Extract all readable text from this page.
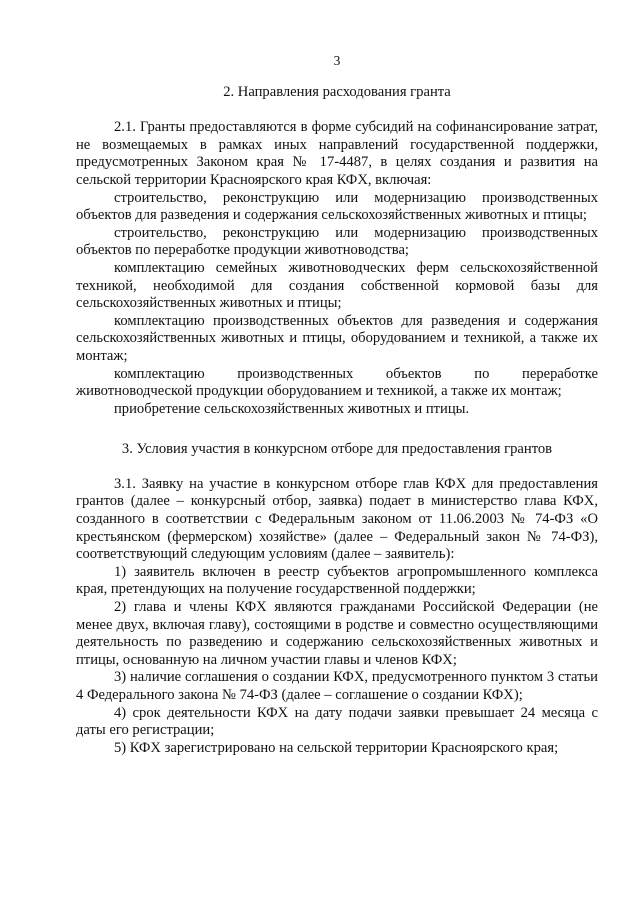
3

2. Направления расходования гранта

2.1. Гранты предоставляются в форме субсидий на софинансирование затрат, не возмещаемых в рамках иных направлений государственной поддержки, предусмотренных Законом края № 17-4487, в целях создания и развития на сельской территории Красноярского края КФХ, включая:

строительство, реконструкцию или модернизацию производственных объектов для разведения и содержания сельскохозяйственных животных и птицы;

строительство, реконструкцию или модернизацию производственных объектов по переработке продукции животноводства;

комплектацию семейных животноводческих ферм сельскохозяйственной техникой, необходимой для создания собственной кормовой базы для сельскохозяйственных животных и птицы;

комплектацию производственных объектов для разведения и содержания сельскохозяйственных животных и птицы, оборудованием и техникой, а также их монтаж;

комплектацию производственных объектов по переработке животноводческой продукции оборудованием и техникой, а также их монтаж;

приобретение сельскохозяйственных животных и птицы.

3. Условия участия в конкурсном отборе для предоставления грантов

3.1. Заявку на участие в конкурсном отборе глав КФХ для предоставления грантов (далее – конкурсный отбор, заявка) подает в министерство глава КФХ, созданного в соответствии с Федеральным законом от 11.06.2003 № 74-ФЗ «О крестьянском (фермерском) хозяйстве» (далее – Федеральный закон № 74-ФЗ), соответствующий следующим условиям (далее – заявитель):

1) заявитель включен в реестр субъектов агропромышленного комплекса края, претендующих на получение государственной поддержки;

2) глава и члены КФХ являются гражданами Российской Федерации (не менее двух, включая главу), состоящими в родстве и совместно осуществляющими деятельность по разведению и содержанию сельскохозяйственных животных и птицы, основанную на личном участии главы и членов КФХ;

3) наличие соглашения о создании КФХ, предусмотренного пунктом 3 статьи 4 Федерального закона № 74-ФЗ (далее – соглашение о создании КФХ);

4) срок деятельности КФХ на дату подачи заявки превышает 24 месяца с даты его регистрации;

5) КФХ зарегистрировано на сельской территории Красноярского края;
